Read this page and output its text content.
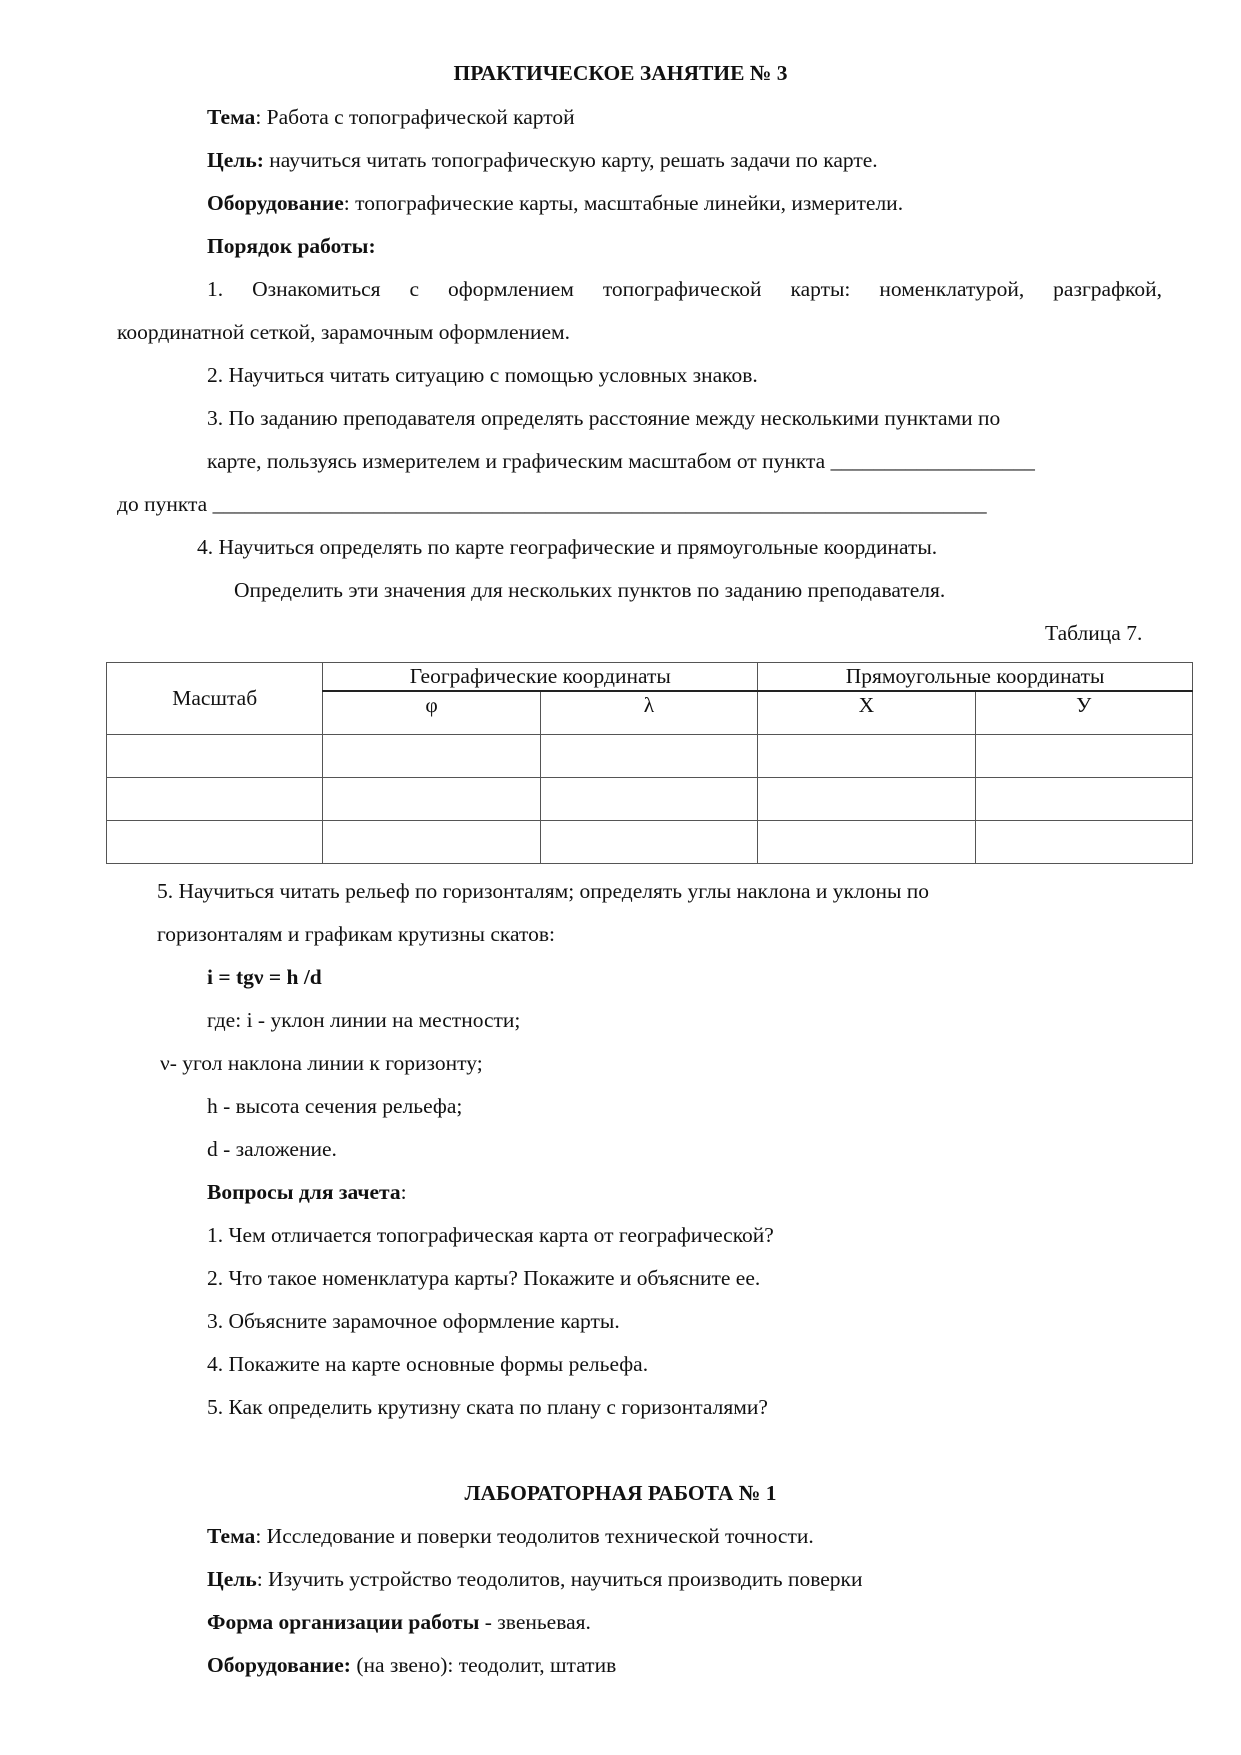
ПРАКТИЧЕСКОЕ ЗАНЯТИЕ № 3
Тема: Работа с топографической картой
Цель: научиться читать топографическую карту, решать задачи по карте.
Оборудование: топографические карты, масштабные линейки, измерители.
Порядок работы:
1. Ознакомиться с оформлением топографической карты: номенклатурой, разграфкой,
координатной сеткой, зарамочным оформлением.
2. Научиться читать ситуацию с помощью условных знаков.
3. По заданию преподавателя определять расстояние между несколькими пунктами по
карте, пользуясь измерителем и графическим масштабом от пункта ___________________
до пункта ________________________________________________________________________
4. Научиться определять по карте географические и прямоугольные координаты.
Определить эти значения для нескольких пунктов по заданию преподавателя.
Таблица 7.
Масштаб	Географические координаты		Прямоугольные координаты	
	φ	λ	X	У

5. Научиться читать рельеф по горизонталям; определять углы наклона и уклоны по
горизонталям и графикам крутизны скатов:
i = tgν = h /d
где: i - уклон линии на местности;
ν- угол наклона линии к горизонту;
h - высота сечения рельефа;
d - заложение.
Вопросы для зачета:
1. Чем отличается топографическая карта от географической?
2. Что такое номенклатура карты? Покажите и объясните ее.
3. Объясните зарамочное оформление карты.
4. Покажите на карте основные формы рельефа.
5. Как определить крутизну ската по плану с горизонталями?
ЛАБОРАТОРНАЯ РАБОТА № 1
Тема: Исследование и поверки теодолитов технической точности.
Цель: Изучить устройство теодолитов, научиться производить поверки
Форма организации работы - звеньевая.
Оборудование: (на звено): теодолит, штатив
